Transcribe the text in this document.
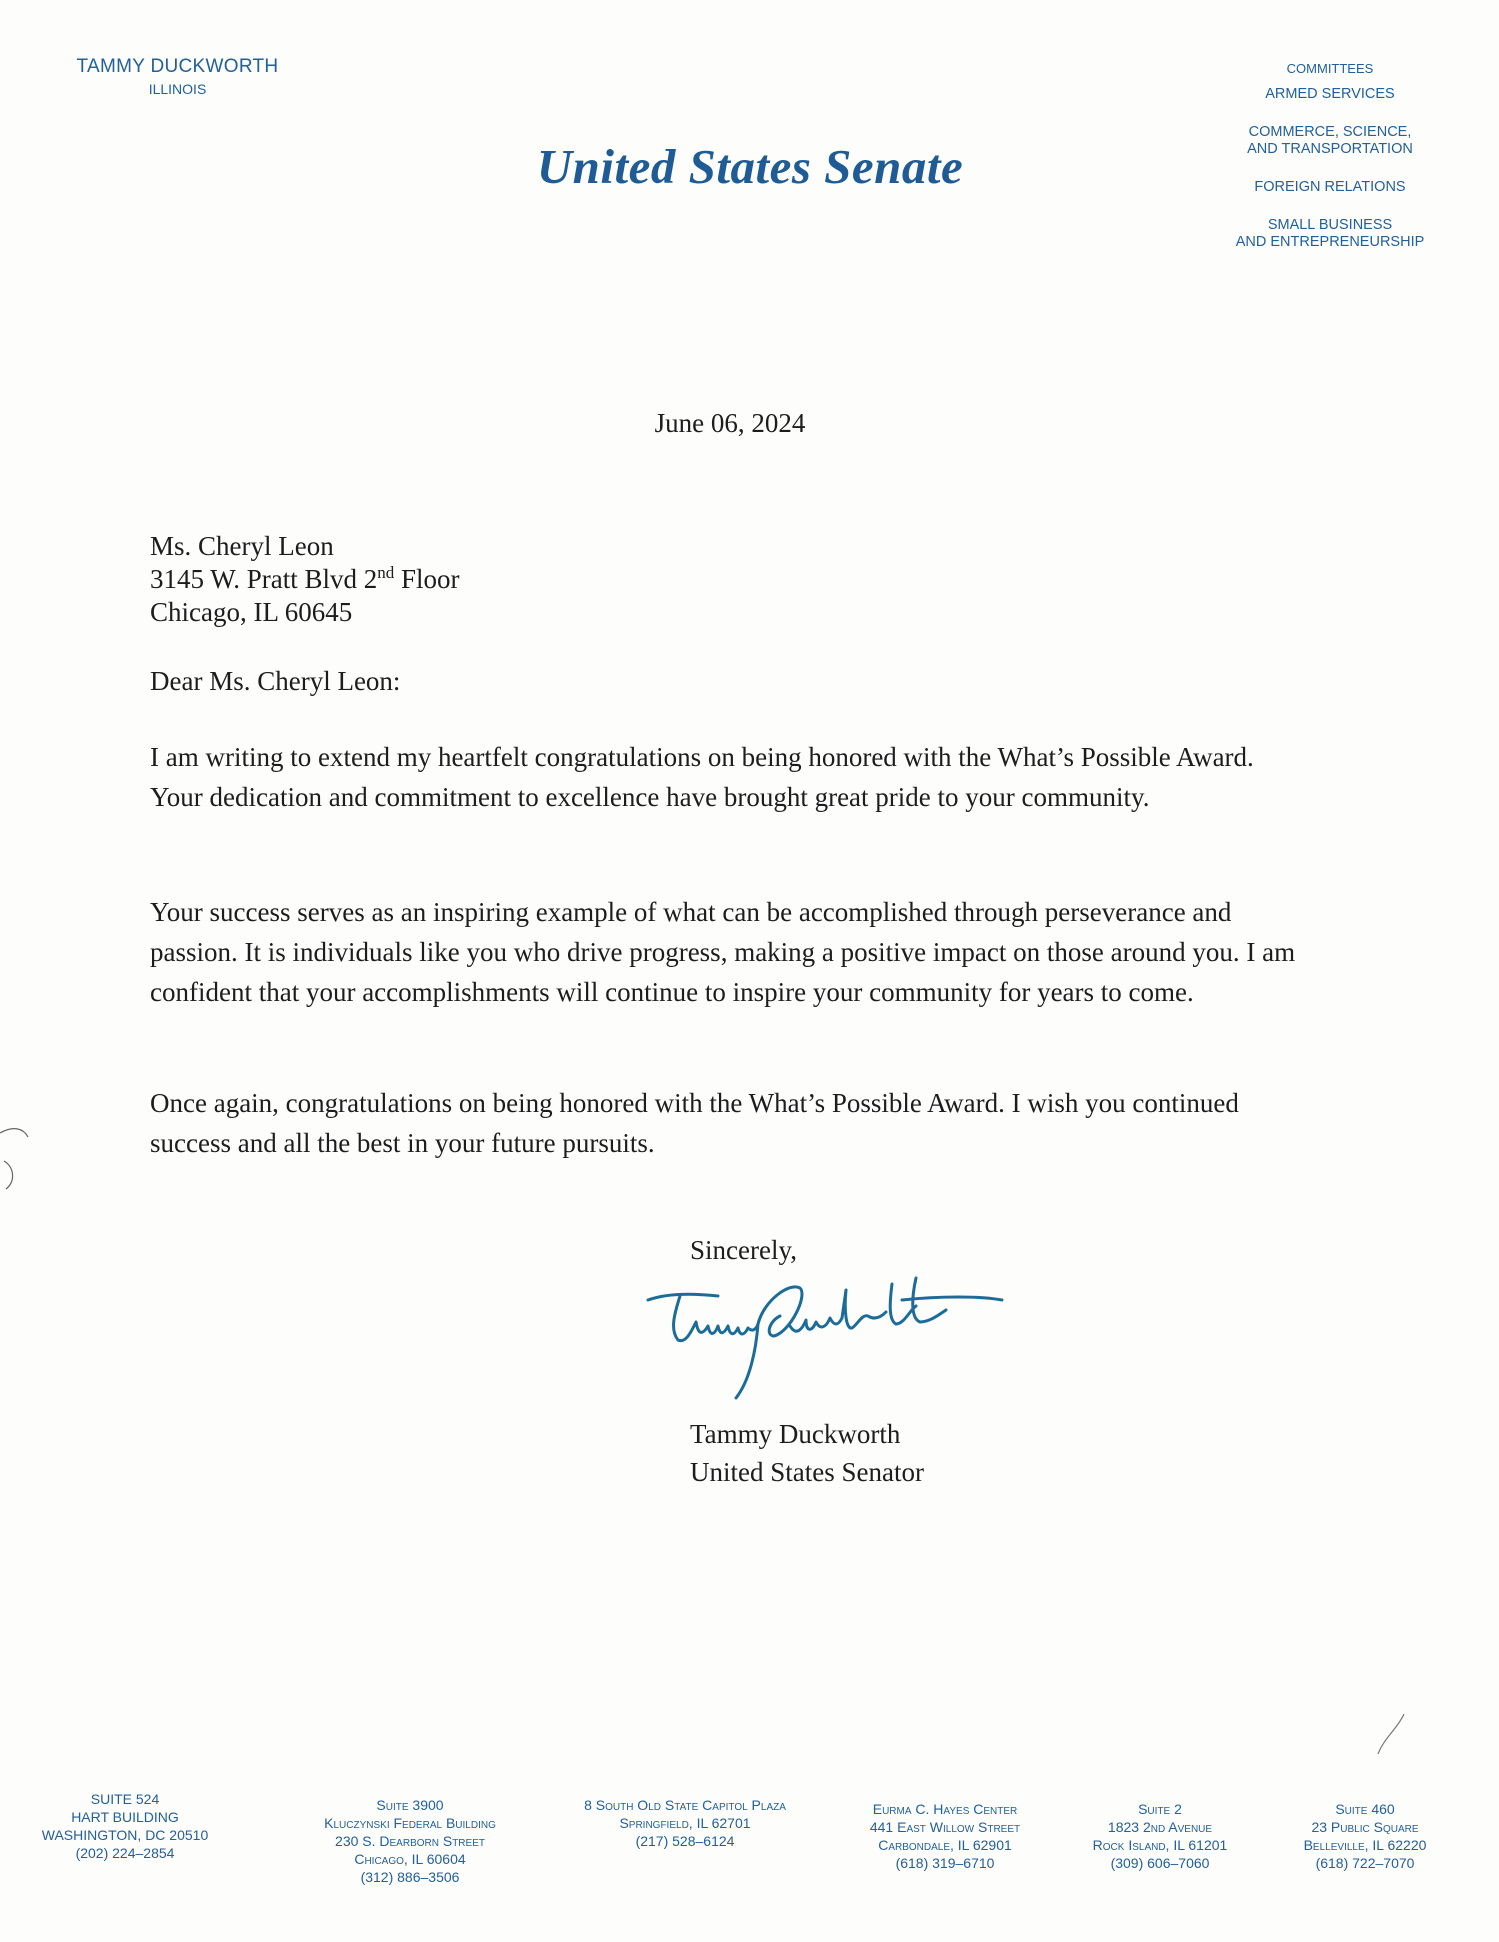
TAMMY DUCKWORTH
ILLINOIS
United States Senate
COMMITTEES
ARMED SERVICES
COMMERCE, SCIENCE,
AND TRANSPORTATION
FOREIGN RELATIONS
SMALL BUSINESS
AND ENTREPRENEURSHIP
June 06, 2024
Ms. Cheryl Leon
3145 W. Pratt Blvd 2nd Floor
Chicago, IL 60645
Dear Ms. Cheryl Leon:

I am writing to extend my heartfelt congratulations on being honored with the What’s Possible Award. Your dedication and commitment to excellence have brought great pride to your community.

Your success serves as an inspiring example of what can be accomplished through perseverance and passion. It is individuals like you who drive progress, making a positive impact on those around you. I am confident that your accomplishments will continue to inspire your community for years to come.

Once again, congratulations on being honored with the What’s Possible Award. I wish you continued success and all the best in your future pursuits.

Sincerely,
Tammy Duckworth
United States Senator
SUITE 524
HART BUILDING
WASHINGTON, DC 20510
(202) 224–2854
Suite 3900
Kluczynski Federal Building
230 S. Dearborn Street
Chicago, IL 60604
(312) 886–3506
8 South Old State Capitol Plaza
Springfield, IL 62701
(217) 528–6124
Eurma C. Hayes Center
441 East Willow Street
Carbondale, IL 62901
(618) 319–6710
Suite 2
1823 2nd Avenue
Rock Island, IL 61201
(309) 606–7060
Suite 460
23 Public Square
Belleville, IL 62220
(618) 722–7070
